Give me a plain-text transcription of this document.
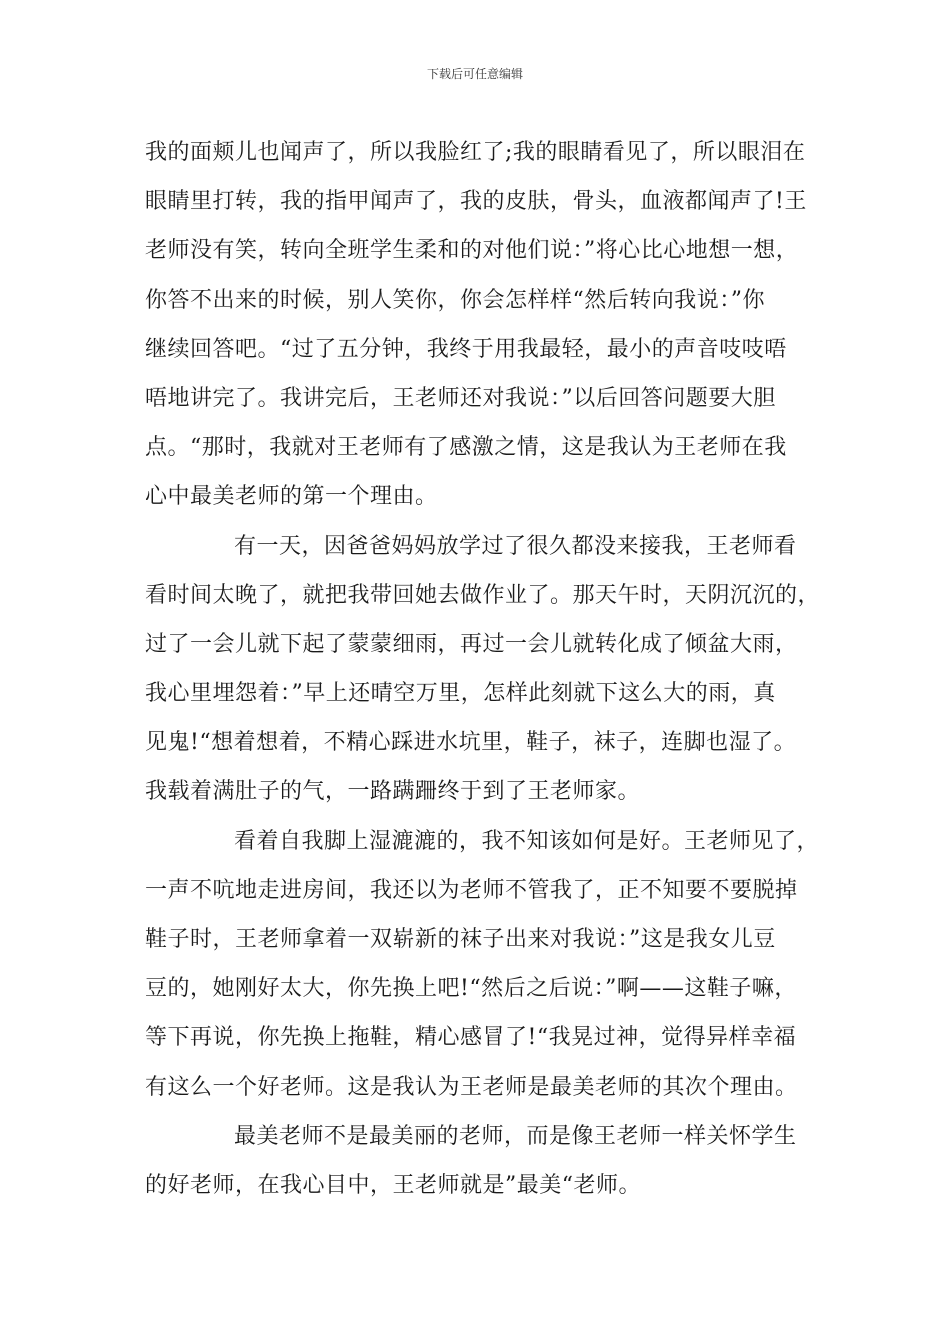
下载后可任意编辑
我的面颊儿也闻声了，所以我脸红了;我的眼睛看见了，所以眼泪在
眼睛里打转，我的指甲闻声了，我的皮肤，骨头，血液都闻声了!王
老师没有笑，转向全班学生柔和的对他们说：”将心比心地想一想，
你答不出来的时候，别人笑你，你会怎样样“然后转向我说：”你
继续回答吧。“过了五分钟，我终于用我最轻，最小的声音吱吱唔
唔地讲完了。我讲完后，王老师还对我说：”以后回答问题要大胆
点。“那时，我就对王老师有了感激之情，这是我认为王老师在我
心中最美老师的第一个理由。
有一天，因爸爸妈妈放学过了很久都没来接我，王老师看
看时间太晚了，就把我带回她去做作业了。那天午时，天阴沉沉的，
过了一会儿就下起了蒙蒙细雨，再过一会儿就转化成了倾盆大雨，
我心里埋怨着：”早上还晴空万里，怎样此刻就下这么大的雨，真
见鬼!“想着想着，不精心踩进水坑里，鞋子，袜子，连脚也湿了。
我载着满肚子的气，一路蹒跚终于到了王老师家。
看着自我脚上湿漉漉的，我不知该如何是好。王老师见了，
一声不吭地走进房间，我还以为老师不管我了，正不知要不要脱掉
鞋子时，王老师拿着一双崭新的袜子出来对我说：”这是我女儿豆
豆的，她刚好太大，你先换上吧!“然后之后说：”啊——这鞋子嘛，
等下再说，你先换上拖鞋，精心感冒了!“我晃过神，觉得异样幸福
有这么一个好老师。这是我认为王老师是最美老师的其次个理由。
最美老师不是最美丽的老师，而是像王老师一样关怀学生
的好老师，在我心目中，王老师就是”最美“老师。
